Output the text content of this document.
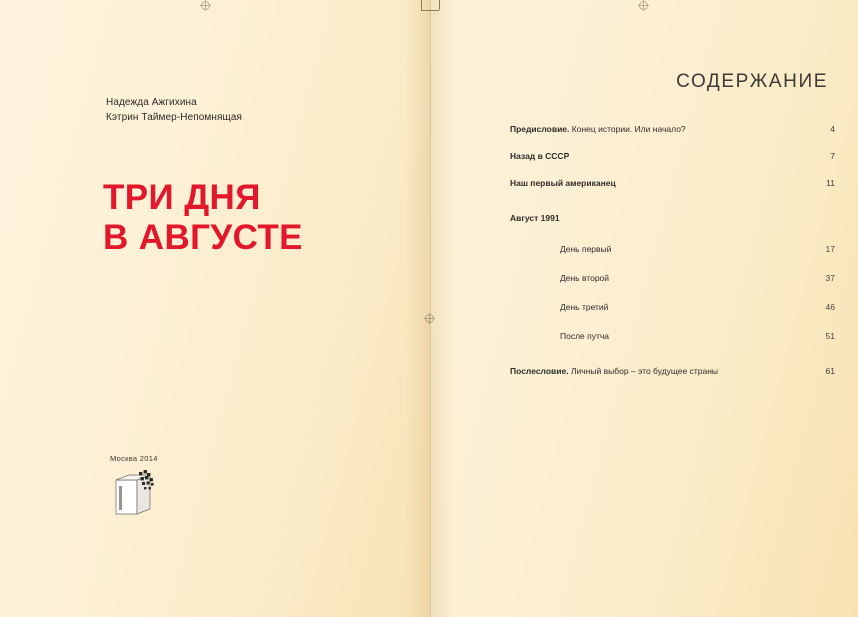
Надежда Ажгихина
Кэтрин Таймер-Непомнящая
ТРИ ДНЯ
В АВГУСТЕ
Москва 2014
СОДЕРЖАНИЕ
Предисловие. Конец истории. Или начало?	4
Назад в СССР	7
Наш первый американец	11
Август 1991
День первый	17
День второй	37
День третий	46
После путча	51
Послесловие. Личный выбор – это будущее страны	61
